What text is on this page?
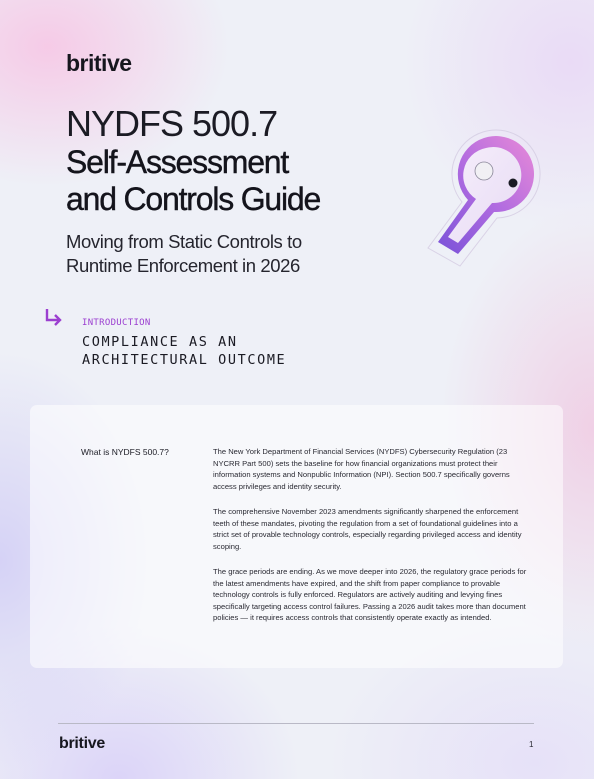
britive
NYDFS 500.7
Self-Assessment
and Controls Guide
Moving from Static Controls to
Runtime Enforcement in 2026
INTRODUCTION
COMPLIANCE AS AN
ARCHITECTURAL OUTCOME
What is NYDFS 500.7?	The New York Department of Financial Services (NYDFS) Cybersecurity Regulation (23 NYCRR Part 500) sets the baseline for how financial organizations must protect their information systems and Nonpublic Information (NPI). Section 500.7 specifically governs access privileges and identity security.

The comprehensive November 2023 amendments significantly sharpened the enforcement teeth of these mandates, pivoting the regulation from a set of foundational guidelines into a strict set of provable technology controls, especially regarding privileged access and identity scoping.

The grace periods are ending. As we move deeper into 2026, the regulatory grace periods for the latest amendments have expired, and the shift from paper compliance to provable technology controls is fully enforced. Regulators are actively auditing and levying fines specifically targeting access control failures. Passing a 2026 audit takes more than document policies — it requires access controls that consistently operate exactly as intended.

britive	1
